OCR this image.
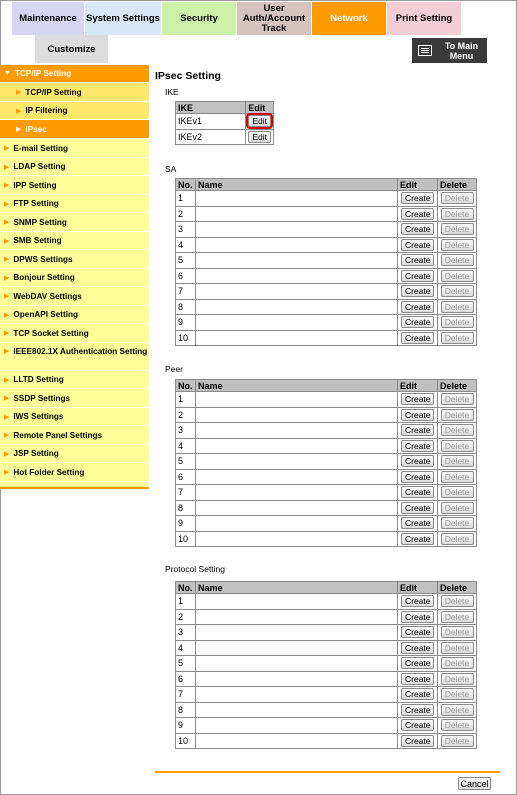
Maintenance System Settings	Security
User Auth/Account Track
Network	Print Setting
Customize	To Main Menu
▼ TCP/IP Setting
▶ TCP/IP Setting
▶ IP Filtering
▶ IPsec
▶ E-mail Setting
▶ LDAP Setting
▶ IPP Setting
▶ FTP Setting
▶ SNMP Setting
▶ SMB Setting
▶ DPWS Settings
▶ Bonjour Setting
▶ WebDAV Settings
▶ OpenAPI Setting
▶ TCP Socket Setting
▶ IEEE802.1X Authentication Setting
▶ LLTD Setting
▶ SSDP Settings
▶ IWS Settings
▶ Remote Panel Settings
▶ JSP Setting
▶ Hot Folder Setting
IPsec Setting
IKE
IKE	Edit
IKEv1	Edit
IKEv2	Edit
SA
No.	Name	Edit	Delete
1		Create	Delete
2		Create	Delete
3		Create	Delete
4		Create	Delete
5		Create	Delete
6		Create	Delete
7		Create	Delete
8		Create	Delete
9		Create	Delete
10		Create	Delete
Peer
No.	Name	Edit	Delete
1		Create	Delete
2		Create	Delete
3		Create	Delete
4		Create	Delete
5		Create	Delete
6		Create	Delete
7		Create	Delete
8		Create	Delete
9		Create	Delete
10		Create	Delete
Protocol Setting
No.	Name	Edit	Delete
1		Create	Delete
2		Create	Delete
3		Create	Delete
4		Create	Delete
5		Create	Delete
6		Create	Delete
7		Create	Delete
8		Create	Delete
9		Create	Delete
10		Create	Delete
Cancel
